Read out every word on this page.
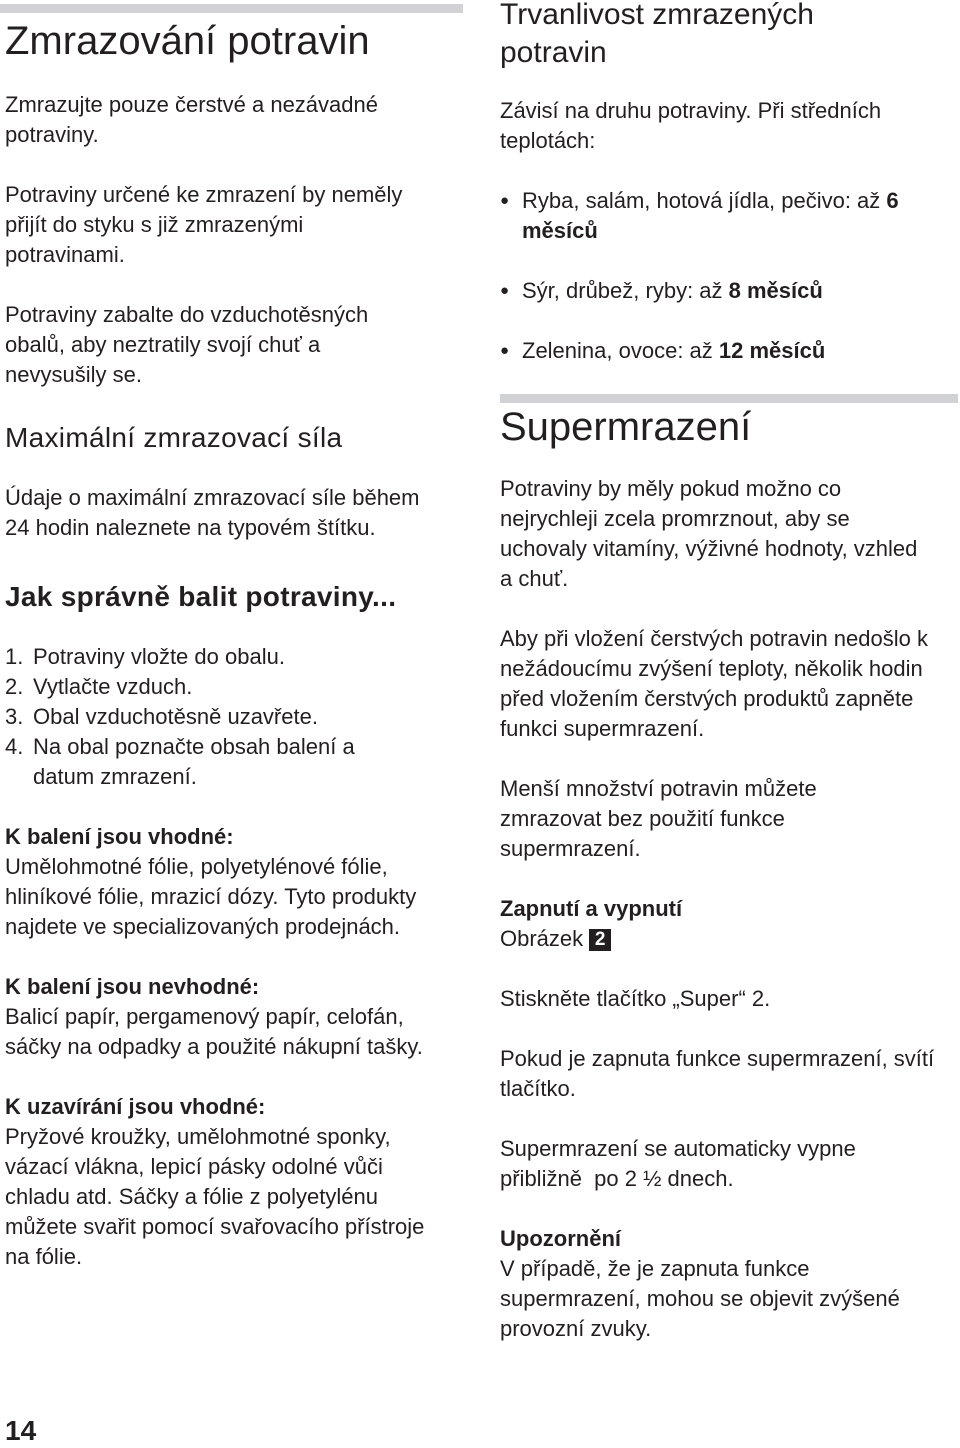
Zmrazování potravin

Zmrazujte pouze čerstvé a nezávadné potraviny.

Potraviny určené ke zmrazení by neměly přijít do styku s již zmrazenými potravinami.

Potraviny zabalte do vzduchotěsných obalů, aby neztratily svojí chuť a nevysušily se.

Maximální zmrazovací síla

Údaje o maximální zmrazovací síle během 24 hodin naleznete na typovém štítku.

Jak správně balit potraviny...
1. Potraviny vložte do obalu.
2. Vytlačte vzduch.
3. Obal vzduchotěsně uzavřete.
4. Na obal poznačte obsah balení a datum zmrazení.

K balení jsou vhodné:

Umělohmotné fólie, polyetylénové fólie, hliníkové fólie, mrazicí dózy. Tyto produkty najdete ve specializovaných prodejnách.

K balení jsou nevhodné:

Balicí papír, pergamenový papír, celofán, sáčky na odpadky a použité nákupní tašky.

K uzavírání jsou vhodné:

Pryžové kroužky, umělohmotné sponky, vázací vlákna, lepicí pásky odolné vůči chladu atd. Sáčky a fólie z polyetylénu můžete svařit pomocí svařovacího přístroje na fólie.

Trvanlivost zmrazených potravin

Závisí na druhu potraviny. Při středních teplotách:

● Ryba, salám, hotová jídla, pečivo: až 6 měsíců
● Sýr, drůbež, ryby: až 8 měsíců
● Zelenina, ovoce: až 12 měsíců
Supermrazení

Potraviny by měly pokud možno co nejrychleji zcela promrznout, aby se uchovaly vitamíny, výživné hodnoty, vzhled a chuť.

Aby při vložení čerstvých potravin nedošlo k nežádoucímu zvýšení teploty, několik hodin před vložením čerstvých produktů zapněte funkci supermrazení.

Menší množství potravin můžete zmrazovat bez použití funkce supermrazení.

Zapnutí a vypnutí

Obrázek 2

Stiskněte tlačítko „Super“ 2.

Pokud je zapnuta funkce supermrazení, svítí tlačítko.

Supermrazení se automaticky vypne přibližně  po 2 ½ dnech.

Upozornění

V případě, že je zapnuta funkce supermrazení, mohou se objevit zvýšené provozní zvuky.

14
